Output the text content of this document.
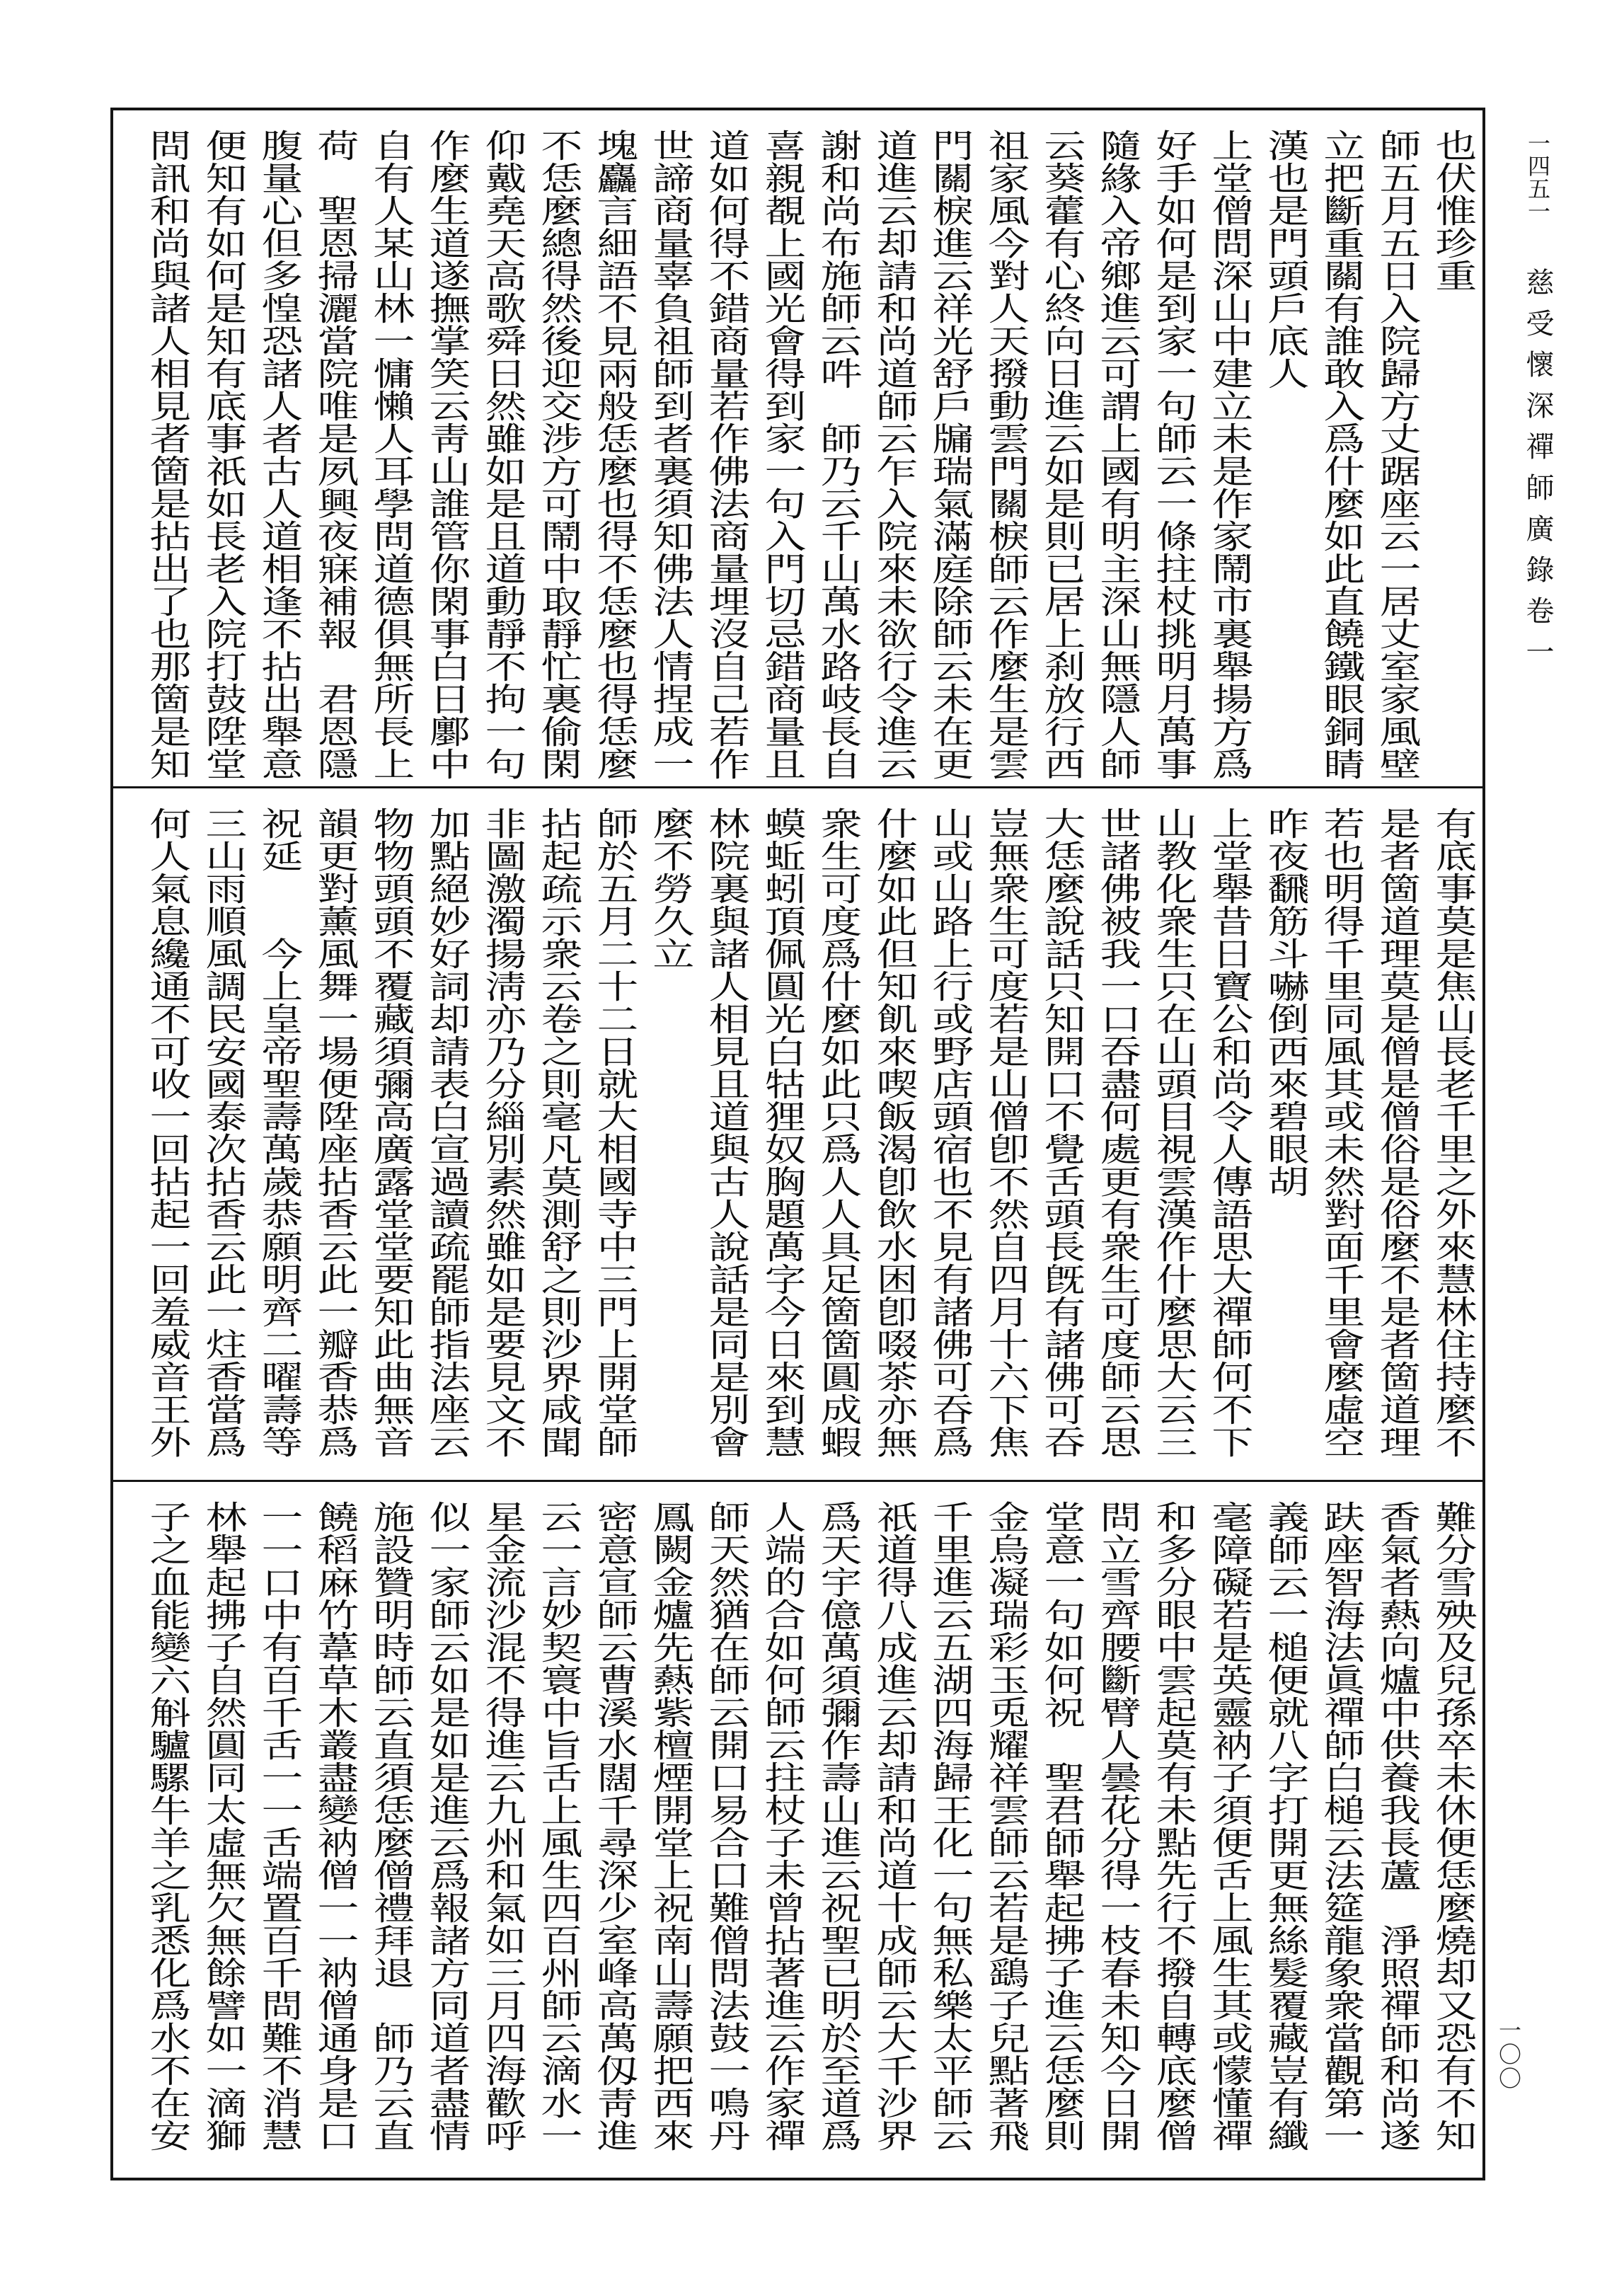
一四五一
慈受懷深禪師廣錄卷一
一〇〇
也伏惟珍重
師五月五日入院歸方丈踞座云一居丈室家風壁
立把斷重關有誰敢入爲什麼如此直饒鐵眼銅睛
漢也是門頭戶底人
上堂僧問深山中建立未是作家鬧市裏舉揚方爲
好手如何是到家一句師云一條拄杖挑明月萬事
隨緣入帝鄉進云可謂上國有明主深山無隱人師
云葵藿有心終向日進云如是則已居上刹放行西
祖家風今對人天撥動雲門關棙師云作麼生是雲
門關棙進云祥光舒戶牖瑞氣滿庭除師云未在更
道進云却請和尚道師云乍入院來未欲行令進云
謝和尚布施師云吽　師乃云千山萬水路岐長自
喜親覩上國光會得到家一句入門切忌錯商量且
道如何得不錯商量若作佛法商量埋沒自己若作
世諦商量辜負祖師到者裏須知佛法人情捏成一
塊麤言細語不見兩般恁麼也得不恁麼也得恁麼
不恁麼總得然後迎交涉方可鬧中取靜忙裏偷閑
仰戴堯天高歌舜日然雖如是且道動靜不拘一句
作麼生道遂撫掌笑云靑山誰管你閑事白日鄽中
自有人某山林一慵懶人耳學問道德俱無所長上
荷　聖恩掃灑當院唯是夙興夜寐補報　君恩隱
腹量心但多惶恐諸人者古人道相逢不拈出舉意
便知有如何是知有底事祇如長老入院打鼓陞堂
問訊和尚與諸人相見者箇是拈出了也那箇是知
有底事莫是焦山長老千里之外來慧林住持麼不
是者箇道理莫是僧是僧俗是俗麼不是者箇道理
若也明得千里同風其或未然對面千里會麼虛空
昨夜飜筋斗嚇倒西來碧眼胡
上堂舉昔日寶公和尚令人傳語思大禪師何不下
山教化衆生只在山頭目視雲漢作什麼思大云三
世諸佛被我一口吞盡何處更有衆生可度師云思
大恁麼說話只知開口不覺舌頭長旣有諸佛可吞
豈無衆生可度若是山僧卽不然自四月十六下焦
山或山路上行或野店頭宿也不見有諸佛可吞爲
什麼如此但知飢來喫飯渴卽飲水困卽啜茶亦無
衆生可度爲什麼如此只爲人人具足箇箇圓成蝦
蟆蚯蚓頂佩圓光白牯狸奴胸題萬字今日來到慧
林院裏與諸人相見且道與古人說話是同是別會
麼不勞久立
師於五月二十二日就大相國寺中三門上開堂師
拈起疏示衆云卷之則毫凡莫測舒之則沙界咸聞
非圖激濁揚淸亦乃分緇別素然雖如是要見文不
加點絕妙好詞却請表白宣過讀疏罷師指法座云
物物頭頭不覆藏須彌高廣露堂堂要知此曲無音
韻更對薰風舞一場便陞座拈香云此一瓣香恭爲
祝延　　今上皇帝聖壽萬歲恭願明齊二曜壽等
三山雨順風調民安國泰次拈香云此一炷香當爲
何人氣息纔通不可收一回拈起一回羞威音王外
難分雪殃及兒孫卒未休便恁麼燒却又恐有不知
香氣者爇向爐中供養我長蘆　淨照禪師和尚遂
趺座智海法眞禪師白槌云法筵龍象衆當觀第一
義師云一槌便就八字打開更無絲髮覆藏豈有纖
毫障礙若是英靈衲子須便舌上風生其或懞懂禪
和多分眼中雲起莫有未點先行不撥自轉底麼僧
問立雪齊腰斷臂人曇花分得一枝春未知今日開
堂意一句如何祝　聖君師舉起拂子進云恁麼則
金烏凝瑞彩玉兎耀祥雲師云若是鷂子兒點著飛
千里進云五湖四海歸王化一句無私樂太平師云
祇道得八成進云却請和尚道十成師云大千沙界
爲天宇億萬須彌作壽山進云祝聖已明於至道爲
人端的合如何師云拄杖子未曾拈著進云作家禪
師天然猶在師云開口易合口難僧問法鼓一鳴丹
鳳闕金爐先爇紫檀煙開堂上祝南山壽願把西來
密意宣師云曹溪水闊千尋深少室峰高萬仭靑進
云一言妙契寰中旨舌上風生四百州師云滴水一
星金流沙混不得進云九州和氣如三月四海歡呼
似一家師云如是如是進云爲報諸方同道者盡情
施設贊明時師云直須恁麼僧禮拜退　師乃云直
饒稻麻竹葦草木叢盡變衲僧一一衲僧通身是口
一一口中有百千舌一一舌端置百千問難不消慧
林舉起拂子自然圓同太虛無欠無餘譬如一滴獅
子之血能變六斛驢騾牛羊之乳悉化爲水不在安
